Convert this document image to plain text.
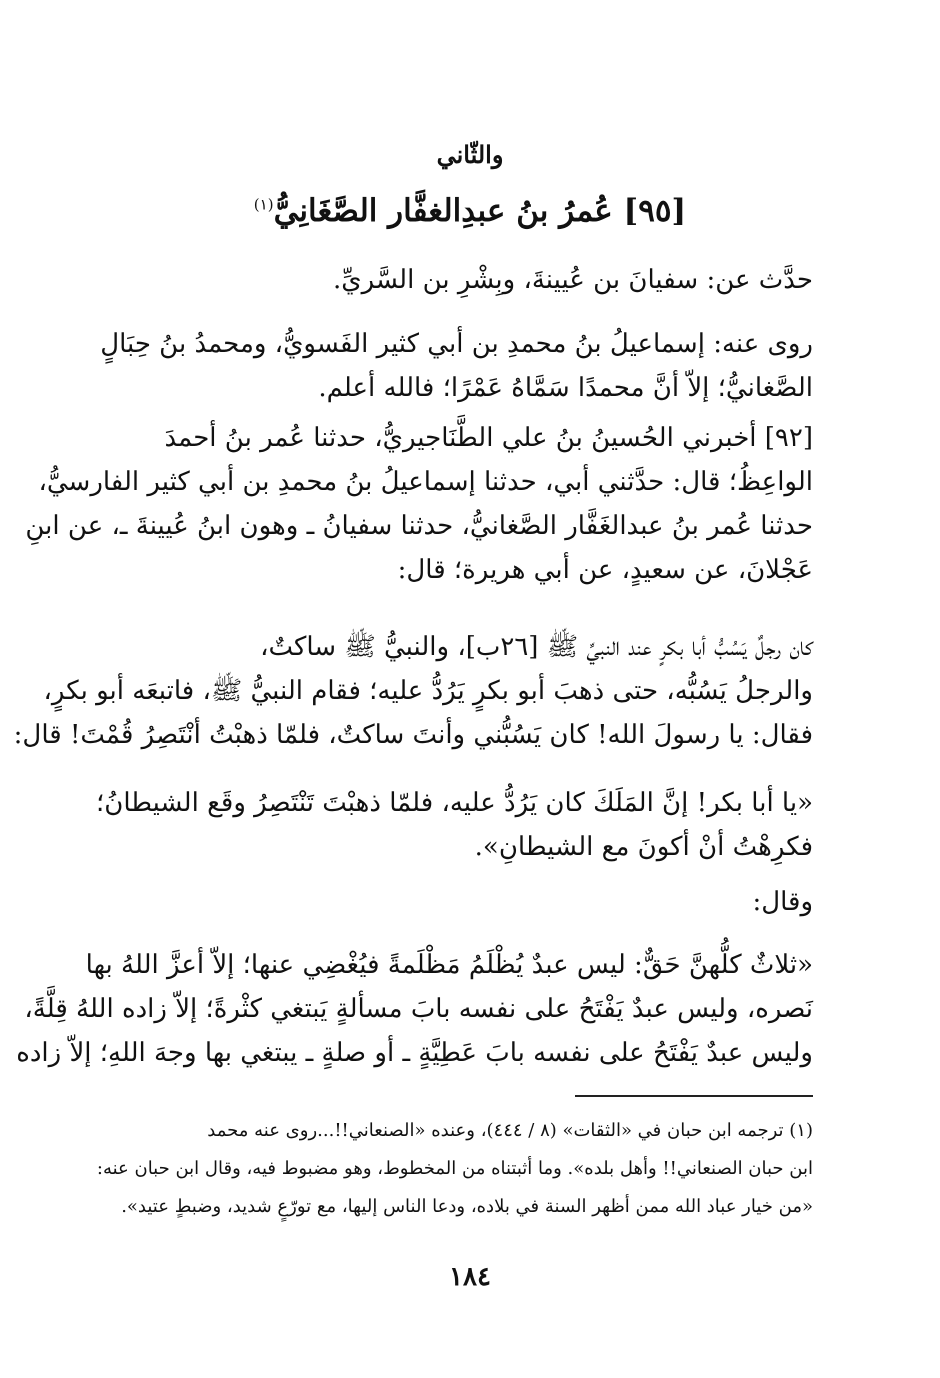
والثّاني
[٩٥] عُمرُ بنُ عبدِالغفَّار الصَّغَانِيُّ$^{(١)}$
حدَّث عن: سفيانَ بن عُيينةَ، وبِشْرِ بن السَّريِّ.
روى عنه: إسماعيلُ بنُ محمدِ بن أبي كثير الفَسويُّ، ومحمدُ بنُ حِبَالٍ
الصَّغانيُّ؛ إلاّ أنَّ محمدًا سَمَّاهُ عَمْرًا؛ فالله أعلم.
[٩٢] أخبرني الحُسينُ بنُ علي الطَّنَاجيريُّ، حدثنا عُمر بنُ أحمدَ
الواعِظُ؛ قال: حدَّثني أبي، حدثنا إسماعيلُ بنُ محمدِ بن أبي كثير الفارسيُّ،
حدثنا عُمر بنُ عبدالغَفَّار الصَّغانيُّ، حدثنا سفيانُ ـ وهون ابنُ عُيينةَ ـ، عن ابنِ
عَجْلانَ، عن سعيدٍ، عن أبي هريرة؛ قال:
كان رجلٌ يَسُبُّ أبا بكرٍ عند النبيِّ ﷺ [٢٦ب]، والنبيُّ ﷺ ساكتٌ،
والرجلُ يَسُبُّه، حتى ذهبَ أبو بكرٍ يَرُدُّ عليه؛ فقام النبيُّ ﷺ، فاتبعَه أبو بكرٍ،
فقال: يا رسولَ الله! كان يَسُبُّني وأنتَ ساكتٌ، فلمّا ذهبْتُ أنْتَصِرُ قُمْتَ! قال:
«يا أبا بكر! إنَّ المَلَكَ كان يَرُدُّ عليه، فلمّا ذهبْتَ تَنْتَصِرُ وقَع الشيطانُ؛
فكرِهْتُ أنْ أكونَ مع الشيطانِ».
وقال:
«ثلاثٌ كلُّهنَّ حَقٌّ: ليس عبدٌ يُظْلَمُ مَظْلَمةً فيُغْضِي عنها؛ إلاّ أعزَّ اللهُ بها
نَصره، وليس عبدٌ يَفْتَحُ على نفسه بابَ مسألةٍ يَبتغي كثْرةً؛ إلاّ زاده اللهُ قِلَّةً،
وليس عبدٌ يَفْتَحُ على نفسه بابَ عَطِيَّةٍ ـ أو صلةٍ ـ يبتغي بها وجهَ اللهِ؛ إلاّ زاده
(١) ترجمه ابن حبان في «الثقات» (٨ / ٤٤٤)، وعنده «الصنعاني!!...روى عنه محمد
ابن حبان الصنعاني!! وأهل بلده». وما أثبتناه من المخطوط، وهو مضبوط فيه، وقال ابن حبان عنه:
«من خيار عباد الله ممن أظهر السنة في بلاده، ودعا الناس إليها، مع تورّعٍ شديد، وضبطٍ عتيد».
١٨٤
